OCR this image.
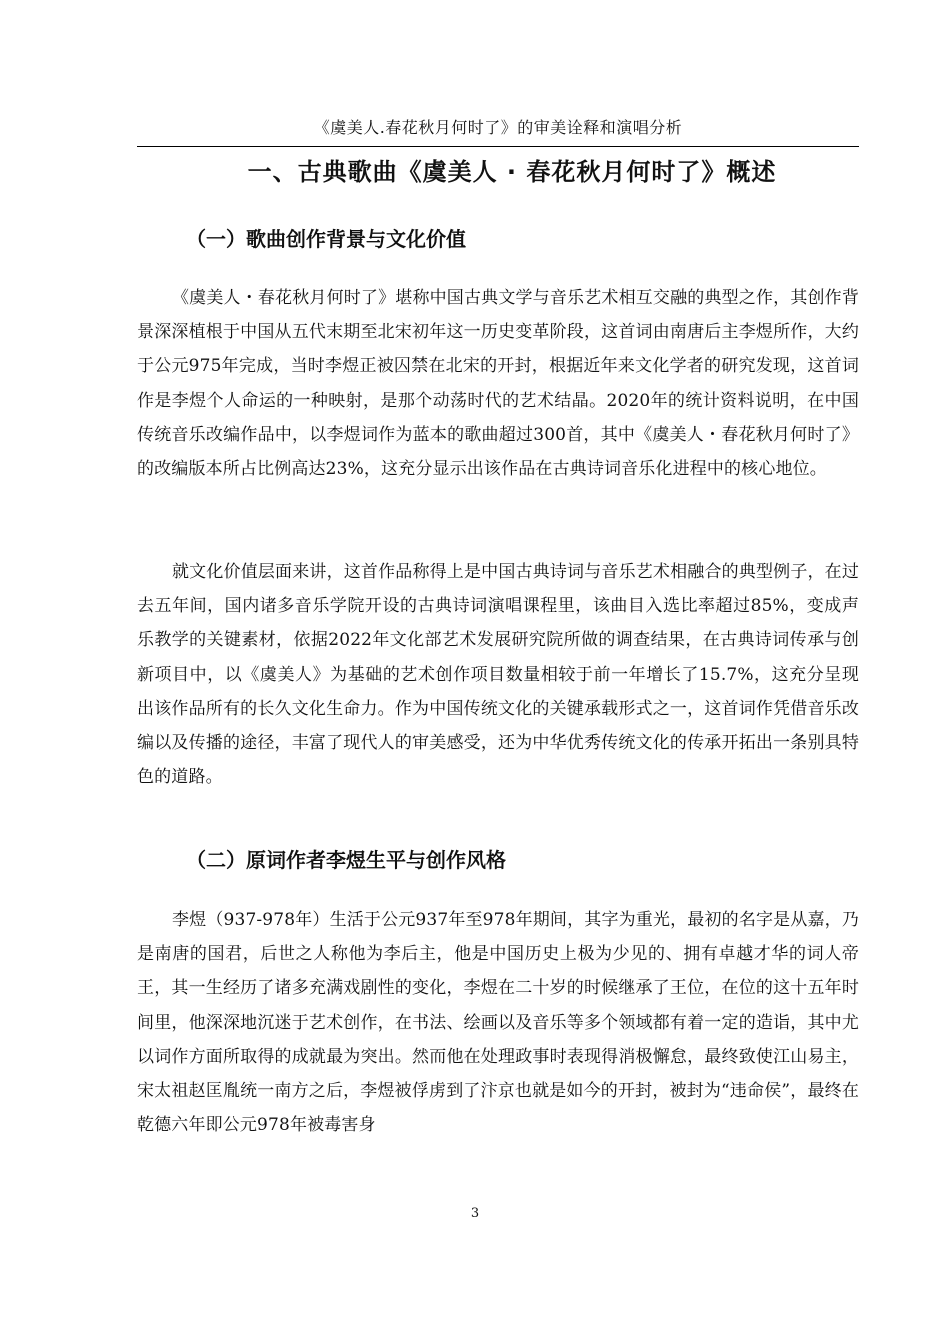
《虞美人.春花秋月何时了》的审美诠释和演唱分析
一、古典歌曲《虞美人 · 春花秋月何时了》概述
（一）歌曲创作背景与文化价值

《虞美人・春花秋月何时了》堪称中国古典文学与音乐艺术相互交融的典型之作，其创作背景深深植根于中国从五代末期至北宋初年这一历史变革阶段，这首词由南唐后主李煜所作，大约于公元975年完成，当时李煜正被囚禁在北宋的开封，根据近年来文化学者的研究发现，这首词作是李煜个人命运的一种映射，是那个动荡时代的艺术结晶。2020年的统计资料说明，在中国传统音乐改编作品中，以李煜词作为蓝本的歌曲超过300首，其中《虞美人・春花秋月何时了》的改编版本所占比例高达23%，这充分显示出该作品在古典诗词音乐化进程中的核心地位。

就文化价值层面来讲，这首作品称得上是中国古典诗词与音乐艺术相融合的典型例子，在过去五年间，国内诸多音乐学院开设的古典诗词演唱课程里，该曲目入选比率超过85%，变成声乐教学的关键素材，依据2022年文化部艺术发展研究院所做的调查结果，在古典诗词传承与创新项目中，以《虞美人》为基础的艺术创作项目数量相较于前一年增长了15.7%，这充分呈现出该作品所有的长久文化生命力。作为中国传统文化的关键承载形式之一，这首词作凭借音乐改编以及传播的途径，丰富了现代人的审美感受，还为中华优秀传统文化的传承开拓出一条别具特色的道路。

（二）原词作者李煜生平与创作风格

李煜（937-978年）生活于公元937年至978年期间，其字为重光，最初的名字是从嘉，乃是南唐的国君，后世之人称他为李后主，他是中国历史上极为少见的、拥有卓越才华的词人帝王，其一生经历了诸多充满戏剧性的变化，李煜在二十岁的时候继承了王位，在位的这十五年时间里，他深深地沉迷于艺术创作，在书法、绘画以及音乐等多个领域都有着一定的造诣，其中尤以词作方面所取得的成就最为突出。然而他在处理政事时表现得消极懈怠，最终致使江山易主，宋太祖赵匡胤统一南方之后，李煜被俘虏到了汴京也就是如今的开封，被封为“违命侯”，最终在乾德六年即公元978年被毒害身

3
